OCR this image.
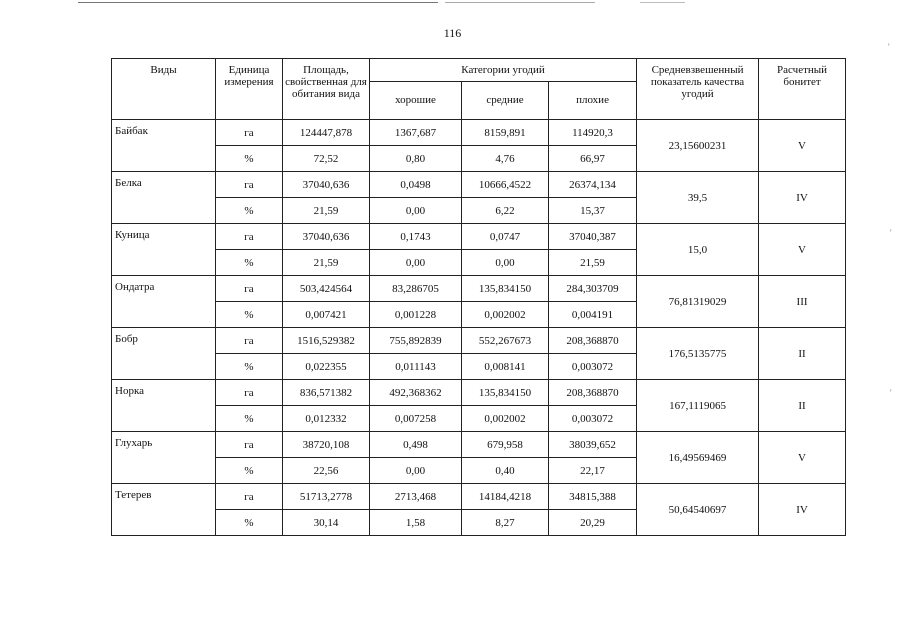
116
'
'
'
Виды	Единица измерения	Площадь, свойственная для обитания вида	Категории угодий			Средневзвешенный показатель качества угодий	Расчетный бонитет
			хорошие	средние	плохие		
Байбак	га	124447,878	1367,687	8159,891	114920,3	23,15600231	V
	%	72,52	0,80	4,76	66,97		
Белка	га	37040,636	0,0498	10666,4522	26374,134	39,5	IV
	%	21,59	0,00	6,22	15,37		
Куница	га	37040,636	0,1743	0,0747	37040,387	15,0	V
	%	21,59	0,00	0,00	21,59		
Ондатра	га	503,424564	83,286705	135,834150	284,303709	76,81319029	III
	%	0,007421	0,001228	0,002002	0,004191		
Бобр	га	1516,529382	755,892839	552,267673	208,368870	176,5135775	II
	%	0,022355	0,011143	0,008141	0,003072		
Норка	га	836,571382	492,368362	135,834150	208,368870	167,1119065	II
	%	0,012332	0,007258	0,002002	0,003072		
Глухарь	га	38720,108	0,498	679,958	38039,652	16,49569469	V
	%	22,56	0,00	0,40	22,17		
Тетерев	га	51713,2778	2713,468	14184,4218	34815,388	50,64540697	IV
	%	30,14	1,58	8,27	20,29		
